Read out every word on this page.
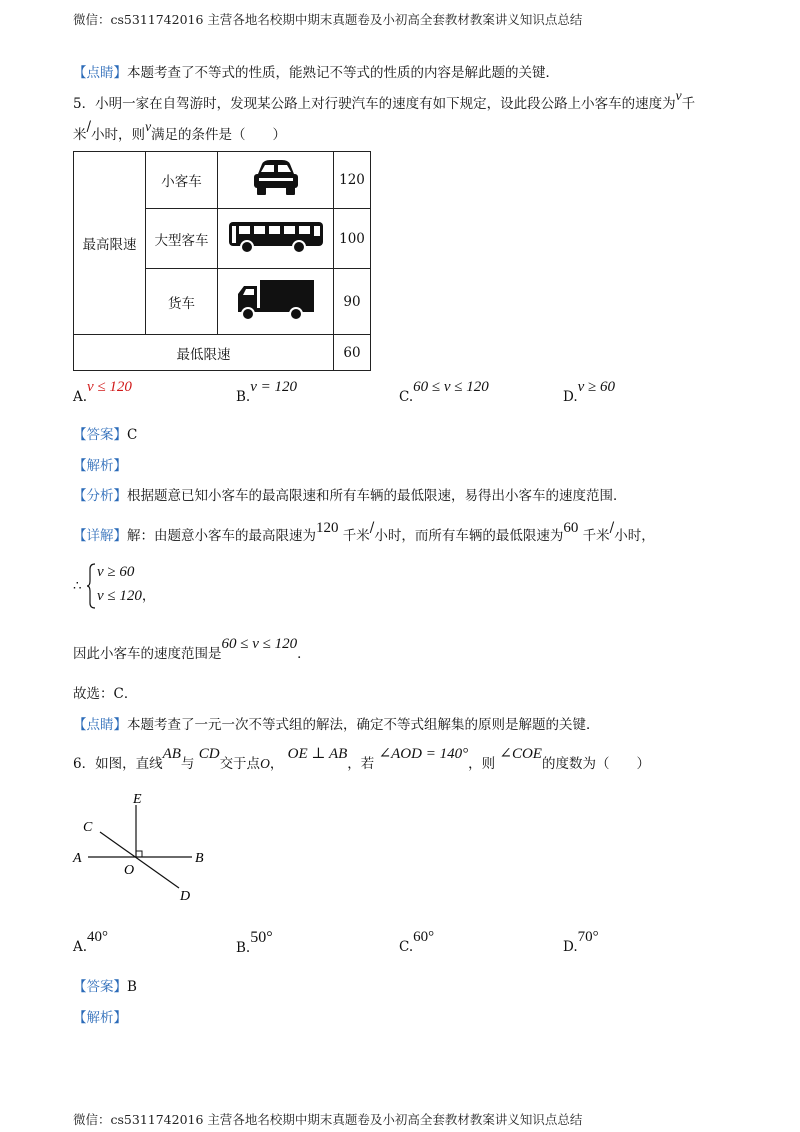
微信：cs5311742016 主营各地名校期中期末真题卷及小初高全套教材教案讲义知识点总结
【点睛】本题考查了不等式的性质，能熟记不等式的性质的内容是解此题的关键．
5．小明一家在自驾游时，发现某公路上对行驶汽车的速度有如下规定，设此段公路上小客车的速度为v千
米/小时，则v满足的条件是（　　）
最高限速	小客车		120
	大型客车		100
	货车		90
最低限速			60
A.v ≤ 120
B.v = 120
C.60 ≤ v ≤ 120
D.v ≥ 60
【答案】C
【解析】
【分析】根据题意已知小客车的最高限速和所有车辆的最低限速，易得出小客车的速度范围．
【详解】解：由题意小客车的最高限速为120 千米/小时，而所有车辆的最低限速为60 千米/小时，
∴
v ≥ 60
v ≤ 120，
因此小客车的速度范围是60 ≤ v ≤ 120．
故选：C．
【点睛】本题考查了一元一次不等式组的解法，确定不等式组解集的原则是解题的关键．
6．如图，直线AB与 CD交于点O， OE ⊥ AB，若 ∠AOD = 140°，则 ∠COE的度数为（　　）
E
C
A
O
B
D
A.40°
B.50°
C.60°
D.70°
【答案】B
【解析】
微信：cs5311742016 主营各地名校期中期末真题卷及小初高全套教材教案讲义知识点总结
